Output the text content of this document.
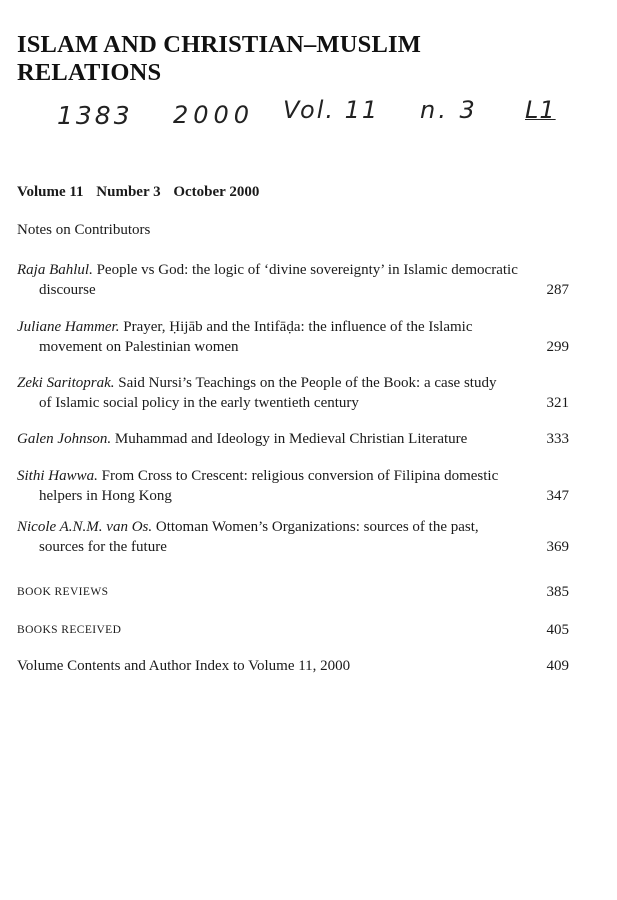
ISLAM AND CHRISTIAN–MUSLIM
RELATIONS
1383 2000 Vol. 11 n. 3 L1
Volume 11 Number 3 October 2000
Notes on Contributors
Raja Bahlul. People vs God: the logic of ‘divine sovereignty’ in Islamic democratic
discourse	287
Juliane Hammer. Prayer, Ḥijāb and the Intifāḍa: the influence of the Islamic
movement on Palestinian women	299
Zeki Saritoprak. Said Nursi’s Teachings on the People of the Book: a case study
of Islamic social policy in the early twentieth century	321
Galen Johnson. Muhammad and Ideology in Medieval Christian Literature	333
Sithi Hawwa. From Cross to Crescent: religious conversion of Filipina domestic
helpers in Hong Kong	347
Nicole A.N.M. van Os. Ottoman Women’s Organizations: sources of the past,
sources for the future	369
BOOK REVIEWS	385
BOOKS RECEIVED	405
Volume Contents and Author Index to Volume 11, 2000	409
